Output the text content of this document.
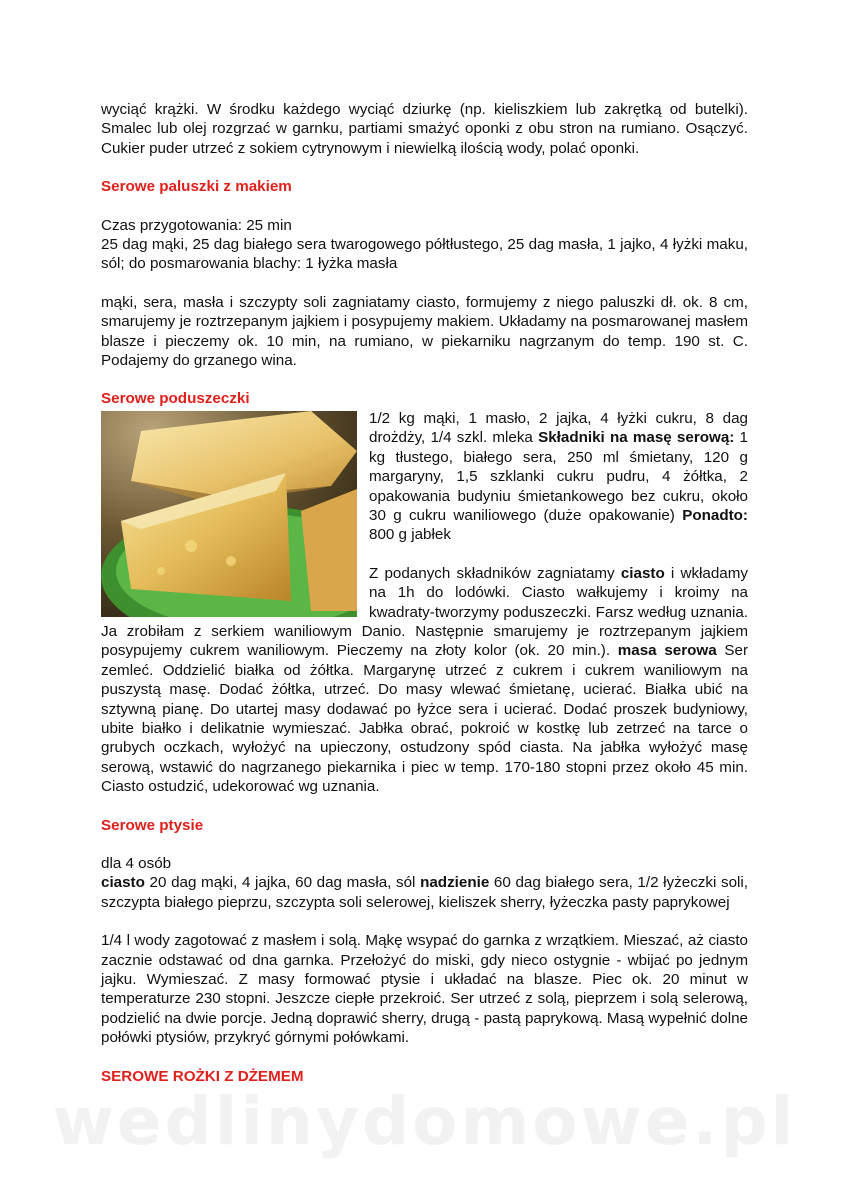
wyciąć krążki. W środku każdego wyciąć dziurkę (np. kieliszkiem lub zakrętką od butelki). Smalec lub olej rozgrzać w garnku, partiami smażyć oponki z obu stron na rumiano. Osączyć. Cukier puder utrzeć z sokiem cytrynowym i niewielką ilością wody, polać oponki.

Serowe paluszki z makiem

Czas przygotowania: 25 min

25 dag mąki, 25 dag białego sera twarogowego półtłustego, 25 dag masła, 1 jajko, 4 łyżki maku, sól; do posmarowania blachy: 1 łyżka masła

mąki, sera, masła i szczypty soli zagniatamy ciasto, formujemy z niego paluszki dł. ok. 8 cm, smarujemy je roztrzepanym jajkiem i posypujemy makiem. Układamy na posmarowanej masłem blasze i pieczemy ok. 10 min, na rumiano, w piekarniku nagrzanym do temp. 190 st. C. Podajemy do grzanego wina.

Serowe poduszeczki

1/2 kg mąki, 1 masło, 2 jajka, 4 łyżki cukru, 8 dag drożdży, 1/4 szkl. mleka Składniki na masę serową: 1 kg tłustego, białego sera, 250 ml śmietany, 120 g margaryny, 1,5 szklanki cukru pudru, 4 żółtka, 2 opakowania budyniu śmietankowego bez cukru, około 30 g cukru waniliowego (duże opakowanie) Ponadto: 800 g jabłek

Z podanych składników zagniatamy ciasto i wkładamy na 1h do lodówki. Ciasto wałkujemy i kroimy na kwadraty-tworzymy poduszeczki. Farsz według uznania. Ja zrobiłam z serkiem waniliowym Danio. Następnie smarujemy je roztrzepanym jajkiem posypujemy cukrem waniliowym. Pieczemy na złoty kolor (ok. 20 min.). masa serowa Ser zemleć. Oddzielić białka od żółtka. Margarynę utrzeć z cukrem i cukrem waniliowym na puszystą masę. Dodać żółtka, utrzeć. Do masy wlewać śmietanę, ucierać. Białka ubić na sztywną pianę. Do utartej masy dodawać po łyżce sera i ucierać. Dodać proszek budyniowy, ubite białko i delikatnie wymieszać. Jabłka obrać, pokroić w kostkę lub zetrzeć na tarce o grubych oczkach, wyłożyć na upieczony, ostudzony spód ciasta. Na jabłka wyłożyć masę serową, wstawić do nagrzanego piekarnika i piec w temp. 170-180 stopni przez około 45 min. Ciasto ostudzić, udekorować wg uznania.

Serowe ptysie

dla 4 osób

ciasto 20 dag mąki, 4 jajka, 60 dag masła, sól nadzienie 60 dag białego sera, 1/2 łyżeczki soli, szczypta białego pieprzu, szczypta soli selerowej, kieliszek sherry, łyżeczka pasty paprykowej

1/4 l wody zagotować z masłem i solą. Mąkę wsypać do garnka z wrzątkiem. Mieszać, aż ciasto zacznie odstawać od dna garnka. Przełożyć do miski, gdy nieco ostygnie - wbijać po jednym jajku. Wymieszać. Z masy formować ptysie i układać na blasze. Piec ok. 20 minut w temperaturze 230 stopni. Jeszcze ciepłe przekroić. Ser utrzeć z solą, pieprzem i solą selerową, podzielić na dwie porcje. Jedną doprawić sherry, drugą - pastą paprykową. Masą wypełnić dolne połówki ptysiów, przykryć górnymi połówkami.

SEROWE ROŻKI Z DŻEMEM
wedlinydomowe.pl
